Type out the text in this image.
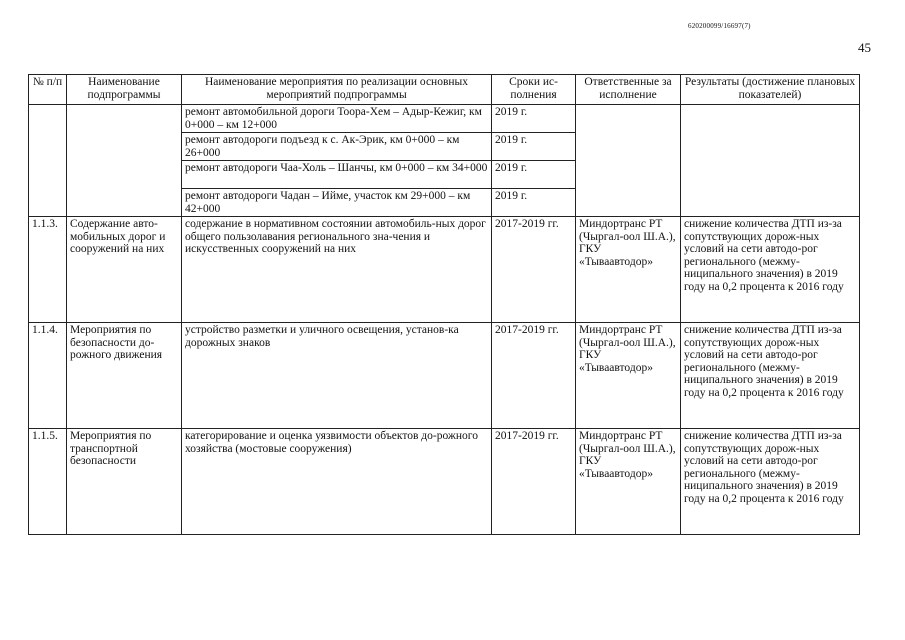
620200099/16697(7)
45
№ п/п	Наименование подпрограммы	Наименование мероприятия по реализации основных мероприятий подпрограммы	Сроки ис-полнения	Ответственные за исполнение	Результаты (достижение плановых показателей)
		ремонт автомобильной дороги Тоора-Хем – Адыр-Кежиг, км 0+000 – км 12+000	2019 г.		
		ремонт автодороги подъезд к с. Ак-Эрик, км 0+000 – км 26+000	2019 г.		
		ремонт автодороги Чаа-Холь – Шанчы, км 0+000 – км 34+000	2019 г.		
		ремонт автодороги Чадан – Ийме, участок км 29+000 – км 42+000	2019 г.		
1.1.3.	Содержание авто-мобильных дорог и сооружений на них	содержание в нормативном состоянии автомобиль-ных дорог общего пользолавания регионального зна-чения и искусственных сооружений на них	2017-2019 гг.	Миндортранс РТ (Чыргал-оол Ш.А.), ГКУ «Тываавтодор»	снижение количества ДТП из-за сопутствующих дорож-ных условий на сети автодо-рог регионального (межму-ниципального значения) в 2019 году на 0,2 процента к 2016 году
1.1.4.	Мероприятия по безопасности до-рожного движения	устройство разметки и уличного освещения, установ-ка дорожных знаков	2017-2019 гг.	Миндортранс РТ (Чыргал-оол Ш.А.), ГКУ «Тываавтодор»	снижение количества ДТП из-за сопутствующих дорож-ных условий на сети автодо-рог регионального (межму-ниципального значения) в 2019 году на 0,2 процента к 2016 году
1.1.5.	Мероприятия по транспортной безопасности	категорирование и оценка уязвимости объектов до-рожного хозяйства (мостовые сооружения)	2017-2019 гг.	Миндортранс РТ (Чыргал-оол Ш.А.), ГКУ «Тываавтодор»	снижение количества ДТП из-за сопутствующих дорож-ных условий на сети автодо-рог регионального (межму-ниципального значения) в 2019 году на 0,2 процента к 2016 году
